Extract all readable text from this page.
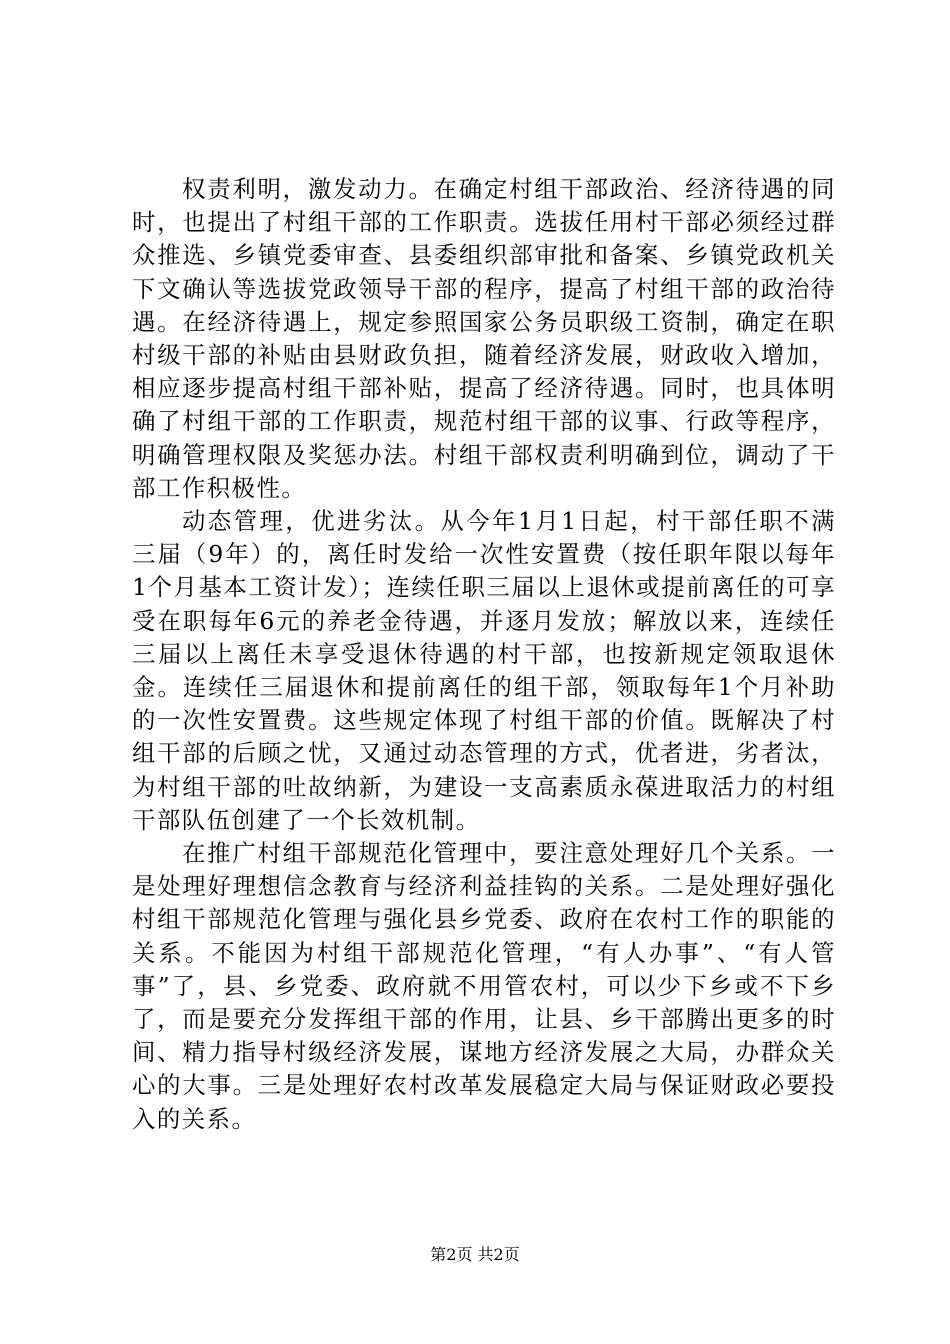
权责利明，激发动力。在确定村组干部政治、经济待遇的同时，也提出了村组干部的工作职责。选拔任用村干部必须经过群众推选、乡镇党委审查、县委组织部审批和备案、乡镇党政机关下文确认等选拔党政领导干部的程序，提高了村组干部的政治待遇。在经济待遇上，规定参照国家公务员职级工资制，确定在职村级干部的补贴由县财政负担，随着经济发展，财政收入增加，相应逐步提高村组干部补贴，提高了经济待遇。同时，也具体明确了村组干部的工作职责，规范村组干部的议事、行政等程序，明确管理权限及奖惩办法。村组干部权责利明确到位，调动了干部工作积极性。

动态管理，优进劣汰。从今年1月1日起，村干部任职不满三届（9年）的，离任时发给一次性安置费（按任职年限以每年1个月基本工资计发）；连续任职三届以上退休或提前离任的可享受在职每年6元的养老金待遇，并逐月发放；解放以来，连续任三届以上离任未享受退休待遇的村干部，也按新规定领取退休金。连续任三届退休和提前离任的组干部，领取每年1个月补助的一次性安置费。这些规定体现了村组干部的价值。既解决了村组干部的后顾之忧，又通过动态管理的方式，优者进，劣者汰，为村组干部的吐故纳新，为建设一支高素质永葆进取活力的村组干部队伍创建了一个长效机制。

在推广村组干部规范化管理中，要注意处理好几个关系。一是处理好理想信念教育与经济利益挂钩的关系。二是处理好强化村组干部规范化管理与强化县乡党委、政府在农村工作的职能的关系。不能因为村组干部规范化管理，“有人办事”、“有人管事”了，县、乡党委、政府就不用管农村，可以少下乡或不下乡了，而是要充分发挥组干部的作用，让县、乡干部腾出更多的时间、精力指导村级经济发展，谋地方经济发展之大局，办群众关心的大事。三是处理好农村改革发展稳定大局与保证财政必要投入的关系。

第2页 共2页
